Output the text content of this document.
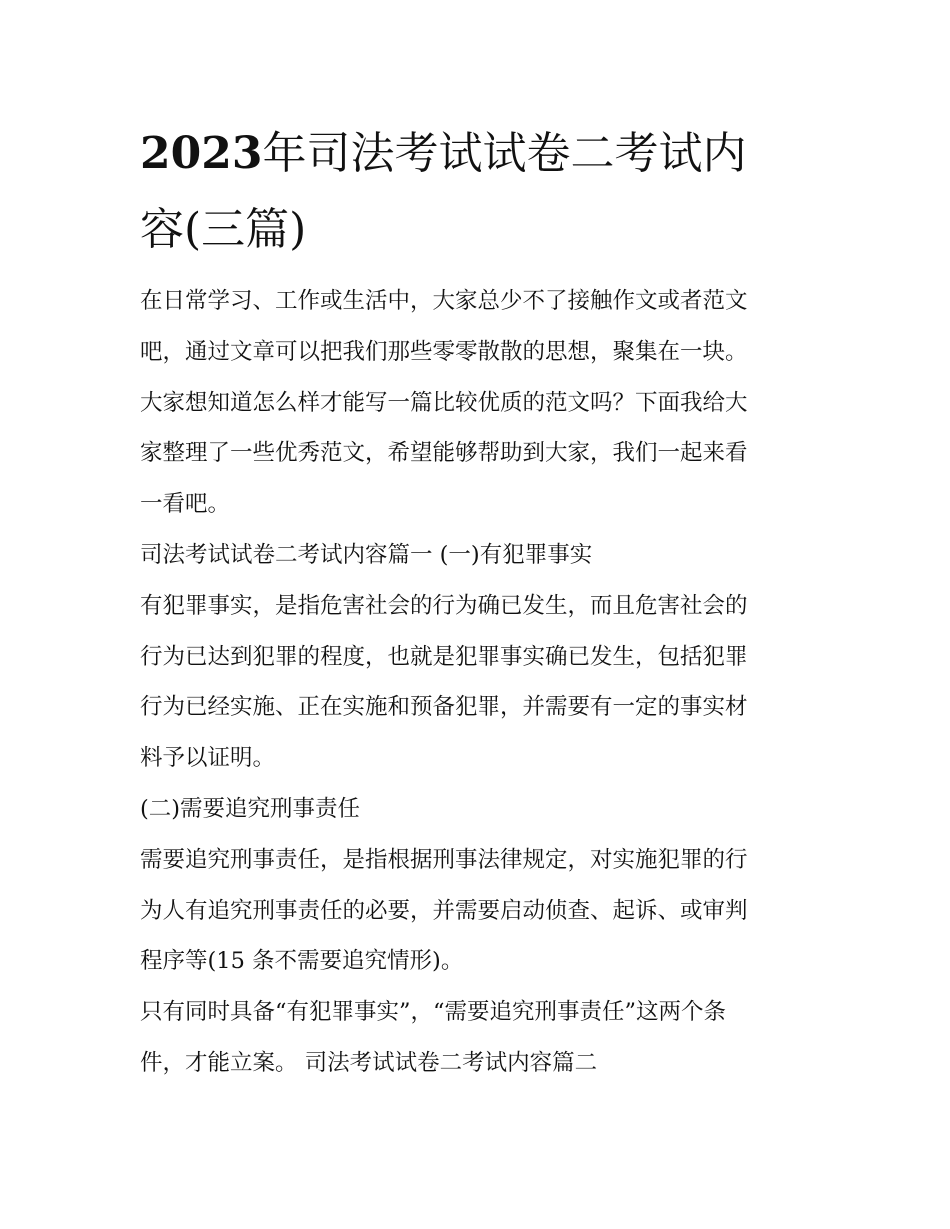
2023年司法考试试卷二考试内
容(三篇)
在日常学习、工作或生活中，大家总少不了接触作文或者范文
吧，通过文章可以把我们那些零零散散的思想，聚集在一块。
大家想知道怎么样才能写一篇比较优质的范文吗？下面我给大
家整理了一些优秀范文，希望能够帮助到大家，我们一起来看
一看吧。
司法考试试卷二考试内容篇一 (一)有犯罪事实
有犯罪事实，是指危害社会的行为确已发生，而且危害社会的
行为已达到犯罪的程度，也就是犯罪事实确已发生，包括犯罪
行为已经实施、正在实施和预备犯罪，并需要有一定的事实材
料予以证明。
(二)需要追究刑事责任
需要追究刑事责任，是指根据刑事法律规定，对实施犯罪的行
为人有追究刑事责任的必要，并需要启动侦查、起诉、或审判
程序等(15 条不需要追究情形)。
只有同时具备“有犯罪事实”，“需要追究刑事责任”这两个条
件，才能立案。 司法考试试卷二考试内容篇二
